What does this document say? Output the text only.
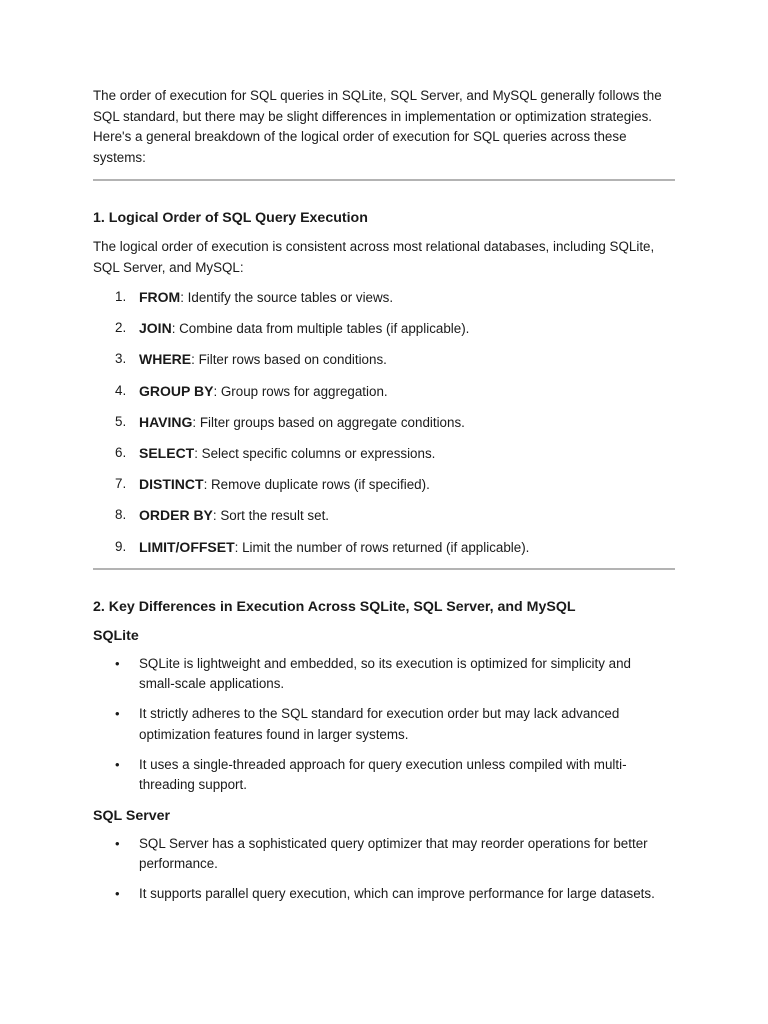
The order of execution for SQL queries in SQLite, SQL Server, and MySQL generally follows the SQL standard, but there may be slight differences in implementation or optimization strategies. Here's a general breakdown of the logical order of execution for SQL queries across these systems:

1. Logical Order of SQL Query Execution

The logical order of execution is consistent across most relational databases, including SQLite, SQL Server, and MySQL:

1. FROM: Identify the source tables or views.
2. JOIN: Combine data from multiple tables (if applicable).
3. WHERE: Filter rows based on conditions.
4. GROUP BY: Group rows for aggregation.
5. HAVING: Filter groups based on aggregate conditions.
6. SELECT: Select specific columns or expressions.
7. DISTINCT: Remove duplicate rows (if specified).
8. ORDER BY: Sort the result set.
9. LIMIT/OFFSET: Limit the number of rows returned (if applicable).
2. Key Differences in Execution Across SQLite, SQL Server, and MySQL
SQLite
• SQLite is lightweight and embedded, so its execution is optimized for simplicity and small-scale applications.
• It strictly adheres to the SQL standard for execution order but may lack advanced optimization features found in larger systems.
• It uses a single-threaded approach for query execution unless compiled with multi-threading support.
SQL Server
• SQL Server has a sophisticated query optimizer that may reorder operations for better performance.
• It supports parallel query execution, which can improve performance for large datasets.
